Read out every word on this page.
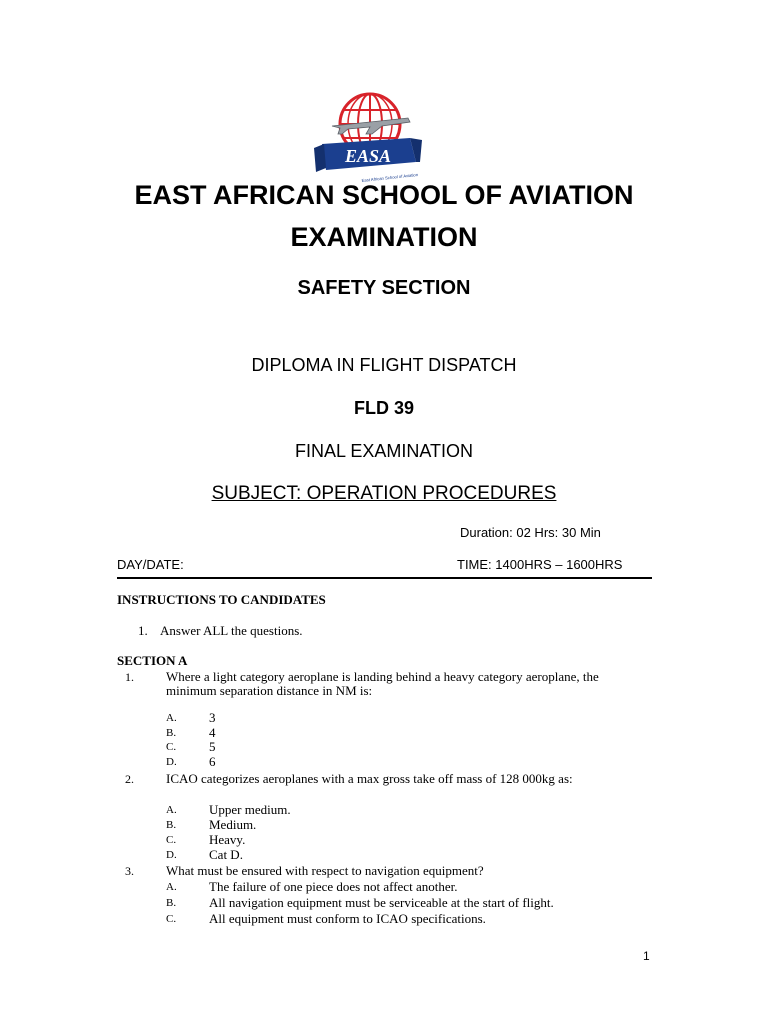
EASA
East African School of Aviation
EAST AFRICAN SCHOOL OF AVIATION
EXAMINATION
SAFETY SECTION
DIPLOMA IN FLIGHT DISPATCH
FLD 39
FINAL EXAMINATION
SUBJECT: OPERATION PROCEDURES
Duration: 02 Hrs: 30 Min
DAY/DATE:	TIME: 1400HRS – 1600HRS
INSTRUCTIONS TO CANDIDATES
1. Answer ALL the questions.
SECTION A
1. Where a light category aeroplane is landing behind a heavy category aeroplane, the
minimum separation distance in NM is:
A. 3
B.	4
C.	5
D. 6
2. ICAO categorizes aeroplanes with a max gross take off mass of 128 000kg as:
A. Upper medium.
B.	Medium.
C.	Heavy.
D. Cat D.
3. What must be ensured with respect to navigation equipment?
A. The failure of one piece does not affect another.
B.	All navigation equipment must be serviceable at the start of flight.
C.	All equipment must conform to ICAO specifications.
1
